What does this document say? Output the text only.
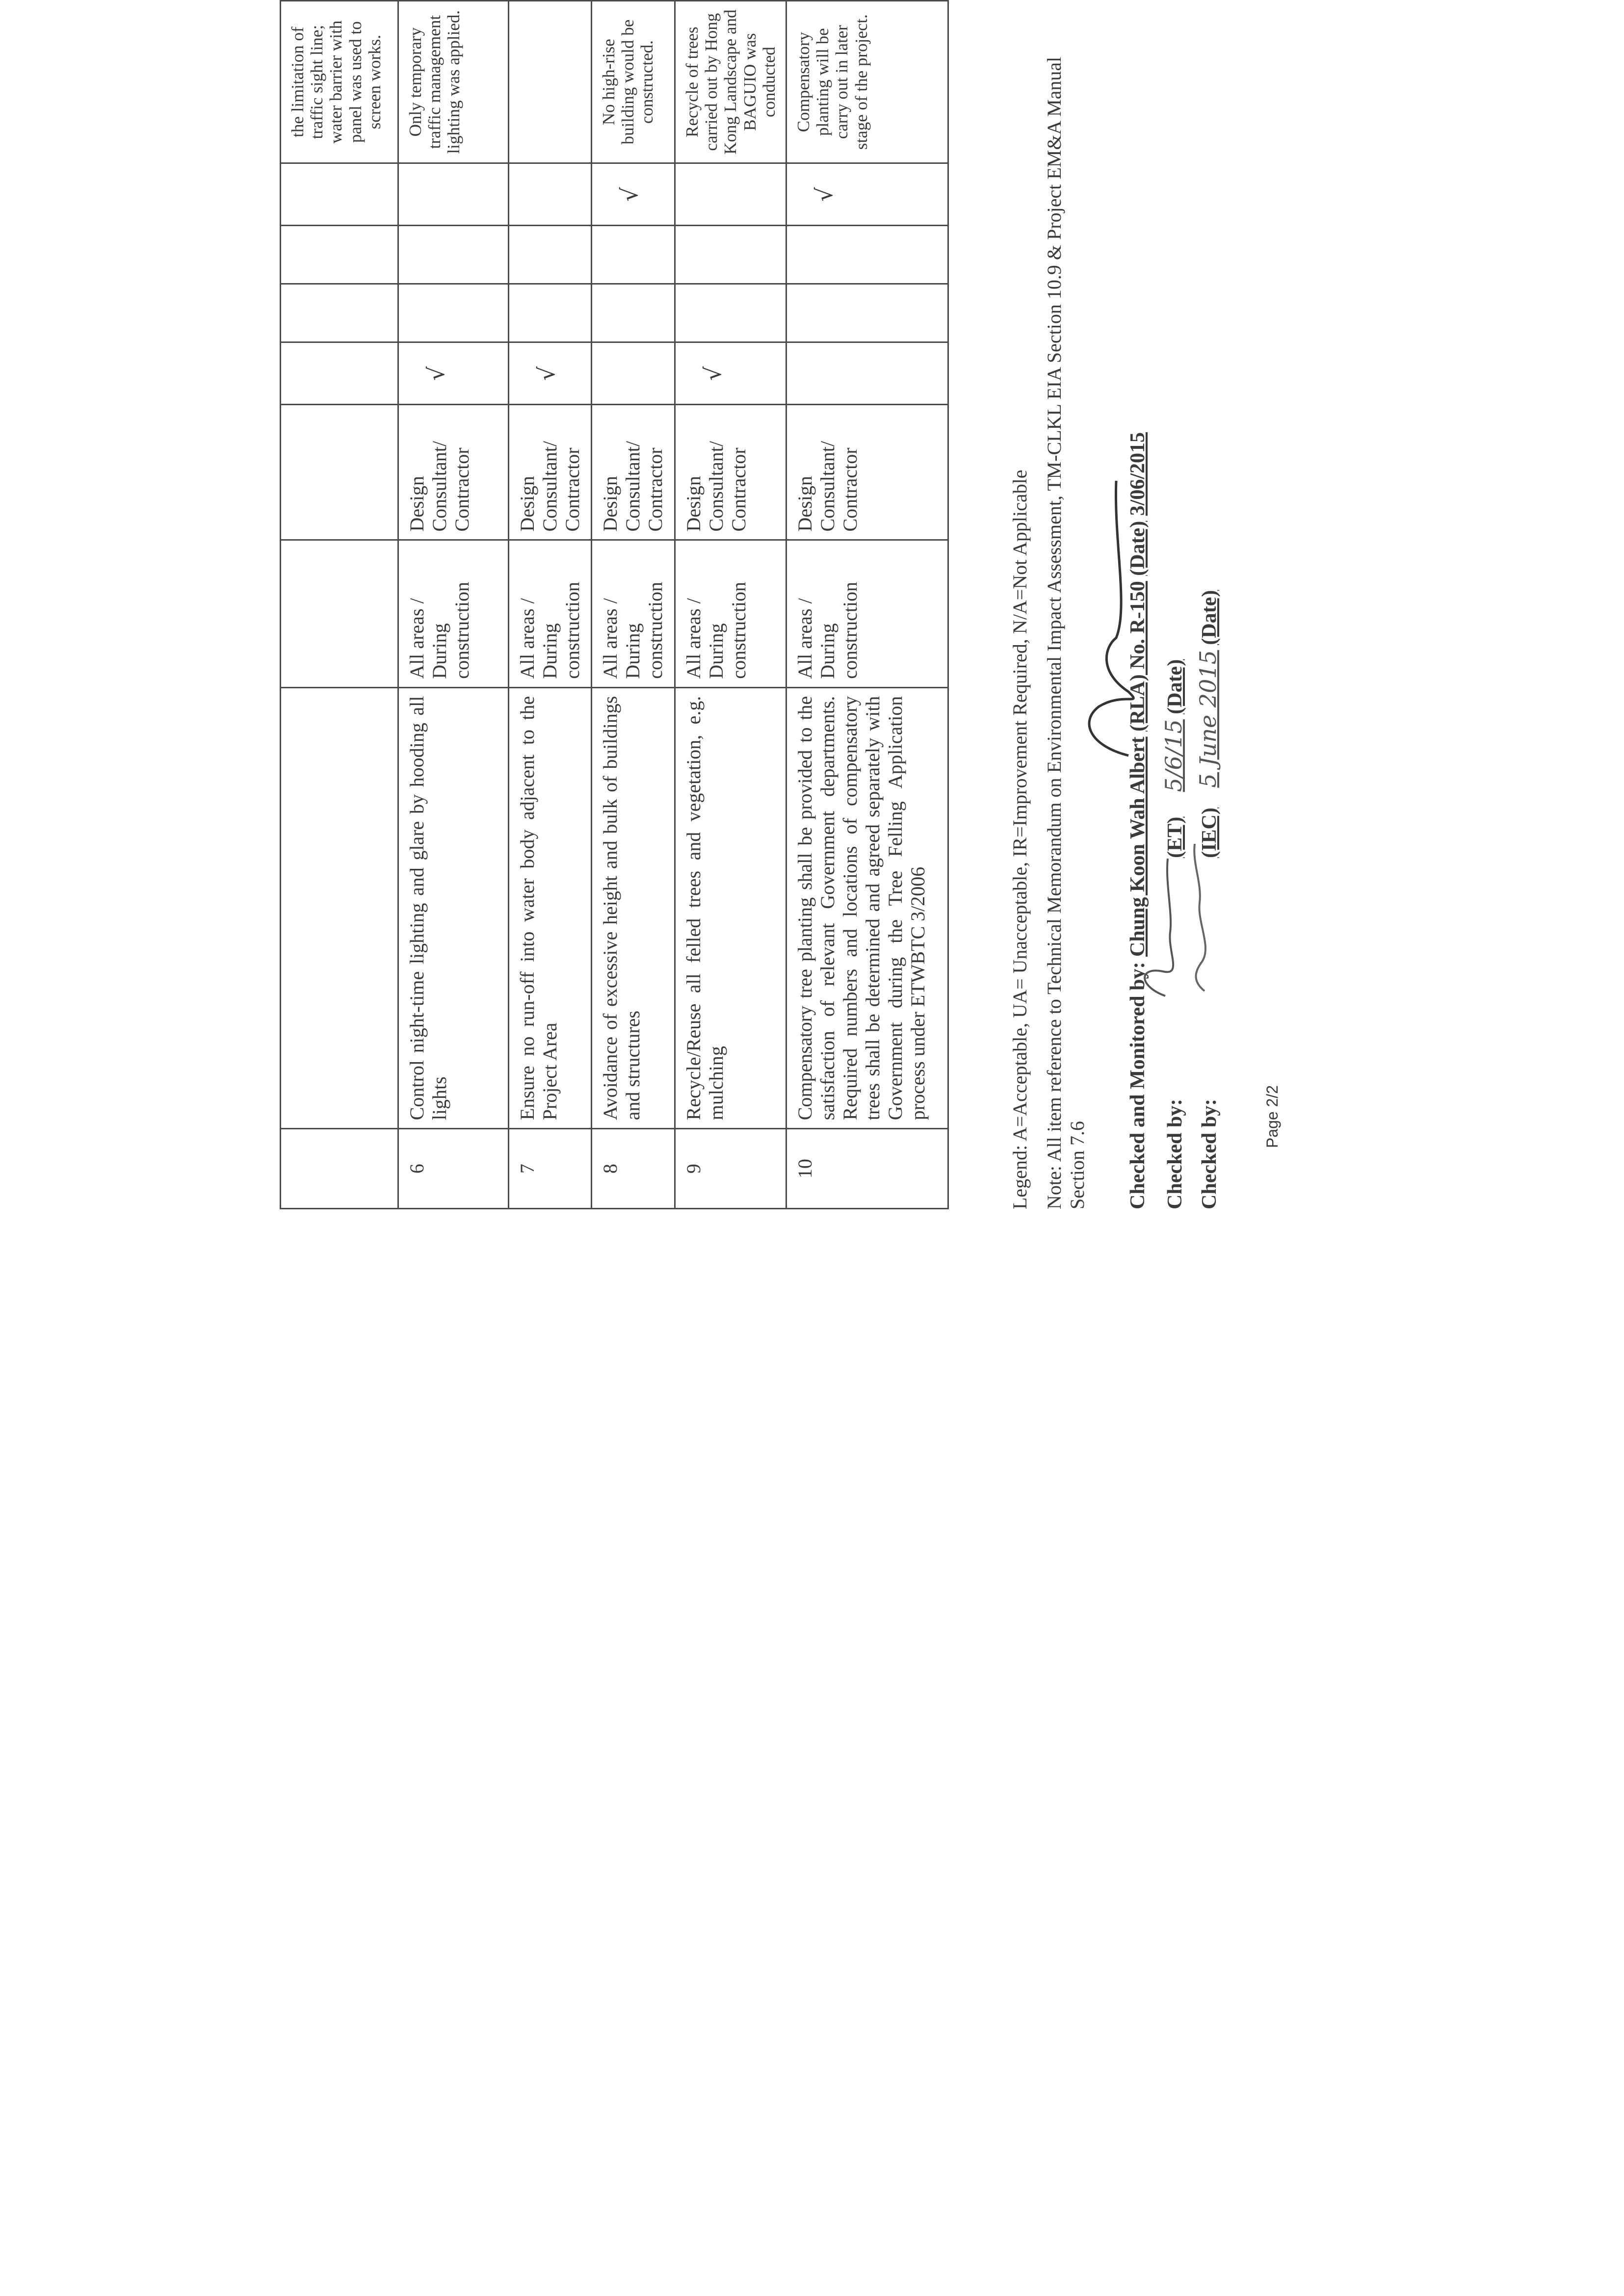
								the limitation of traffic sight line; water barrier with panel was used to screen works.
6	Control night-time lighting and glare by hooding all lights	All areas / During construction	Design Consultant/ Contractor	√				Only temporary traffic management lighting was applied.
7	Ensure no run-off into water body adjacent to the Project Area	All areas / During construction	Design Consultant/ Contractor	√				
8	Avoidance of excessive height and bulk of buildings and structures	All areas / During construction	Design Consultant/ Contractor				√	No high-rise building would be constructed.
9	Recycle/Reuse all felled trees and vegetation, e.g. mulching	All areas / During construction	Design Consultant/ Contractor	√				Recycle of trees carried out by Hong Kong Landscape and BAGUIO was conducted
10	Compensatory tree planting shall be provided to the satisfaction of relevant Government departments. Required numbers and locations of compensatory trees shall be determined and agreed separately with Government during the Tree Felling Application process under ETWBTC 3/2006	All areas / During construction	Design Consultant/ Contractor				√	Compensatory planting will be carry out in later stage of the project.
Legend: A=Acceptable, UA= Unacceptable, IR=Improvement Required, N/A=Not Applicable Note: All item reference to Technical Memorandum on Environmental Impact Assessment, TM-CLKL EIA Section 10.9 & Project EM&A Manual Section 7.6 Checked and Monitored by: Chung Koon Wah Albert (RLA) No. R-150 (Date) 3/06/2015
Checked by:  (ET) 5/6/15 (Date)
Checked by:  (IEC) 5 June 2015 (Date)
Page 2/2
